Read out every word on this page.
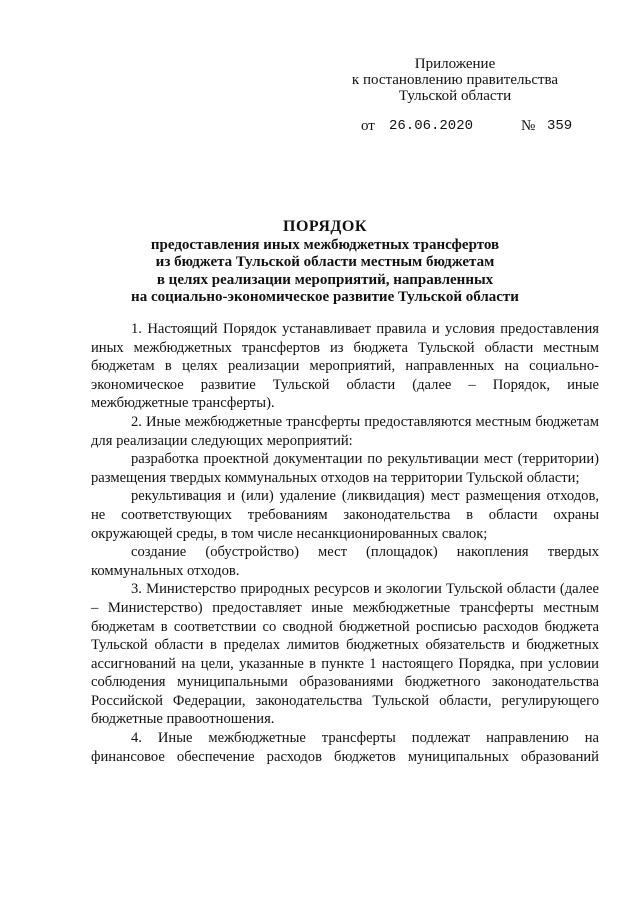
Приложение
к постановлению правительства
Тульской области
от 26.06.2020	№ 359
ПОРЯДОК
предоставления иных межбюджетных трансфертов
из бюджета Тульской области местным бюджетам
в целях реализации мероприятий, направленных
на социально-экономическое развитие Тульской области

1. Настоящий Порядок устанавливает правила и условия предоставления иных межбюджетных трансфертов из бюджета Тульской области местным бюджетам в целях реализации мероприятий, направленных на социально-экономическое развитие Тульской области (далее – Порядок, иные межбюджетные трансферты).

2. Иные межбюджетные трансферты предоставляются местным бюджетам для реализации следующих мероприятий:

разработка проектной документации по рекультивации мест (территории) размещения твердых коммунальных отходов на территории Тульской области;

рекультивация и (или) удаление (ликвидация) мест размещения отходов, не соответствующих требованиям законодательства в области охраны окружающей среды, в том числе несанкционированных свалок;

создание (обустройство) мест (площадок) накопления твердых коммунальных отходов.

3. Министерство природных ресурсов и экологии Тульской области (далее – Министерство) предоставляет иные межбюджетные трансферты местным бюджетам в соответствии со сводной бюджетной росписью расходов бюджета Тульской области в пределах лимитов бюджетных обязательств и бюджетных ассигнований на цели, указанные в пункте 1 настоящего Порядка, при условии соблюдения муниципальными образованиями бюджетного законодательства Российской Федерации, законодательства Тульской области, регулирующего бюджетные правоотношения.

4. Иные межбюджетные трансферты подлежат направлению на финансовое обеспечение расходов бюджетов муниципальных образований
